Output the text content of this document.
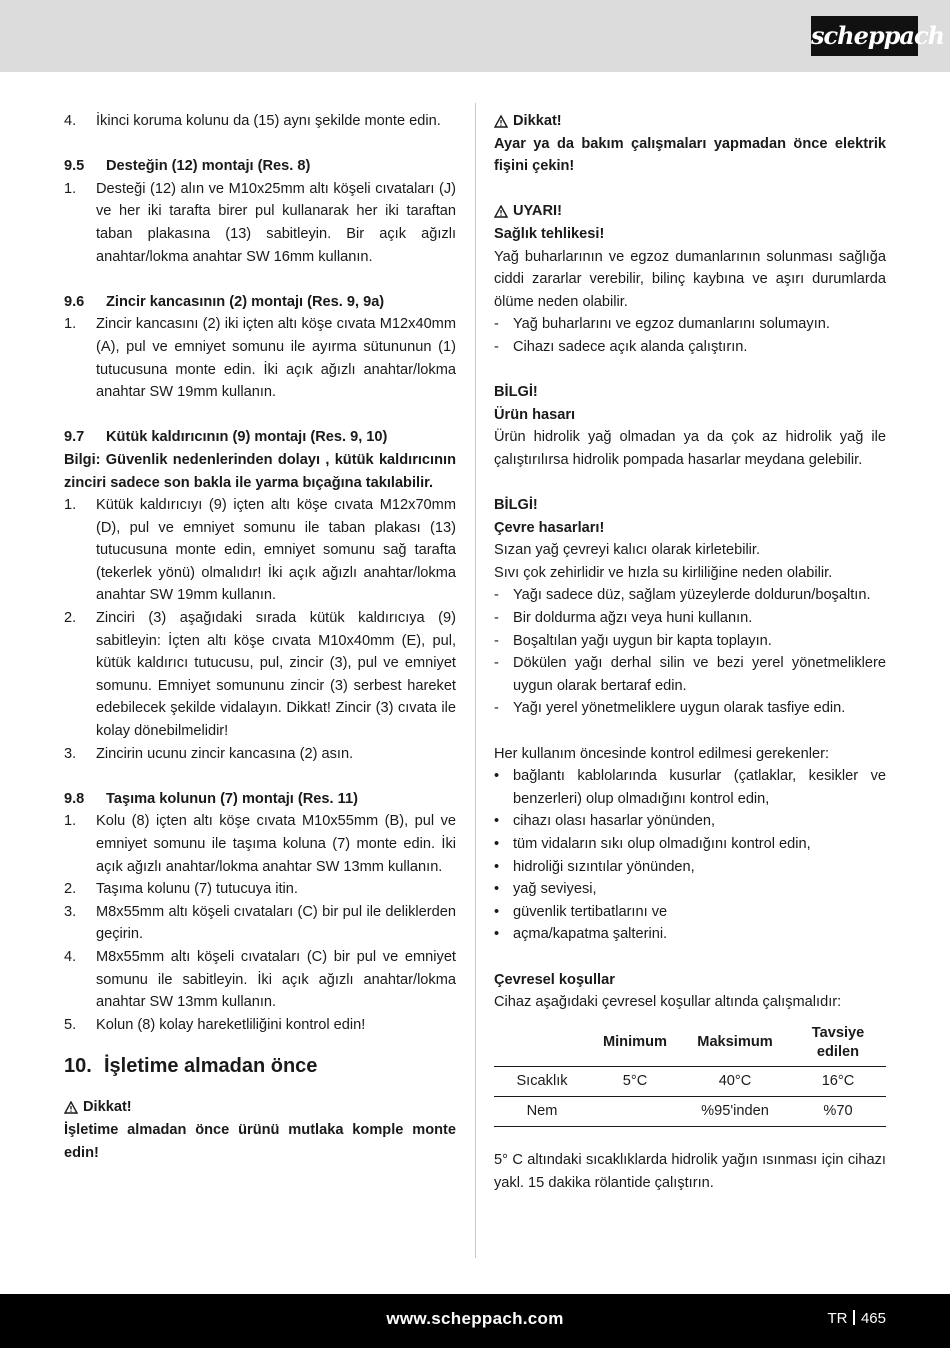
scheppach
4.	İkinci koruma kolunu da (15) aynı şekilde monte edin.
9.5	Desteğin (12) montajı (Res. 8)
1.	Desteği (12) alın ve M10x25mm altı köşeli cıvataları (J) ve her iki tarafta birer pul kullanarak her iki taraftan taban plakasına (13) sabitleyin. Bir açık ağızlı anahtar/lokma anahtar SW 16mm kullanın.
9.6	Zincir kancasının (2) montajı (Res. 9, 9a)
1.	Zincir kancasını (2) iki içten altı köşe cıvata M12x40mm (A), pul ve emniyet somunu ile ayırma sütununun (1) tutucusuna monte edin. İki açık ağızlı anahtar/lokma anahtar SW 19mm kullanın.
9.7	Kütük kaldırıcının (9) montajı (Res. 9, 10)

Bilgi: Güvenlik nedenlerinden dolayı , kütük kaldırıcının zinciri sadece son bakla ile yarma bıçağına takılabilir.

1.	Kütük kaldırıcıyı (9) içten altı köşe cıvata M12x70mm (D), pul ve emniyet somunu ile taban plakası (13) tutucusuna monte edin, emniyet somunu sağ tarafta (tekerlek yönü) olmalıdır! İki açık ağızlı anahtar/lokma anahtar SW 19mm kullanın.
2.	Zinciri (3) aşağıdaki sırada kütük kaldırıcıya (9) sabitleyin: İçten altı köşe cıvata M10x40mm (E), pul, kütük kaldırıcı tutucusu, pul, zincir (3), pul ve emniyet somunu. Emniyet somununu zincir (3) serbest hareket edebilecek şekilde vidalayın. Dikkat! Zincir (3) cıvata ile kolay dönebilmelidir!
3.	Zincirin ucunu zincir kancasına (2) asın.
9.8	Taşıma kolunun (7) montajı (Res. 11)
1.	Kolu (8) içten altı köşe cıvata M10x55mm (B), pul ve emniyet somunu ile taşıma koluna (7) monte edin. İki açık ağızlı anahtar/lokma anahtar SW 13mm kullanın.
2.	Taşıma kolunu (7) tutucuya itin.
3.	M8x55mm altı köşeli cıvataları (C) bir pul ile deliklerden geçirin.
4.	M8x55mm altı köşeli cıvataları (C) bir pul ve emniyet somunu ile sabitleyin. İki açık ağızlı anahtar/lokma anahtar SW 13mm kullanın.
5.	Kolun (8) kolay hareketliliğini kontrol edin!
10. İşletime almadan önce
Dikkat!

İşletime almadan önce ürünü mutlaka komple monte edin!

Dikkat!

Ayar ya da bakım çalışmaları yapmadan önce elektrik fişini çekin!

UYARI!

Sağlık tehlikesi!

Yağ buharlarının ve egzoz dumanlarının solunması sağlığa ciddi zararlar verebilir, bilinç kaybına ve aşırı durumlarda ölüme neden olabilir.

- Yağ buharlarını ve egzoz dumanlarını solumayın.
- Cihazı sadece açık alanda çalıştırın.

BİLGİ!

Ürün hasarı

Ürün hidrolik yağ olmadan ya da çok az hidrolik yağ ile çalıştırılırsa hidrolik pompada hasarlar meydana gelebilir.

BİLGİ!

Çevre hasarları!

Sızan yağ çevreyi kalıcı olarak kirletebilir.

Sıvı çok zehirlidir ve hızla su kirliliğine neden olabilir.

- Yağı sadece düz, sağlam yüzeylerde doldurun/boşaltın.
- Bir doldurma ağzı veya huni kullanın.
- Boşaltılan yağı uygun bir kapta toplayın.
- Dökülen yağı derhal silin ve bezi yerel yönetmeliklere uygun olarak bertaraf edin.
- Yağı yerel yönetmeliklere uygun olarak tasfiye edin.

Her kullanım öncesinde kontrol edilmesi gerekenler:

• bağlantı kablolarında kusurlar (çatlaklar, kesikler ve benzerleri) olup olmadığını kontrol edin,
• cihazı olası hasarlar yönünden,
• tüm vidaların sıkı olup olmadığını kontrol edin,
• hidroliği sızıntılar yönünden,
• yağ seviyesi,
• güvenlik tertibatlarını ve
• açma/kapatma şalterini.

Çevresel koşullar

Cihaz aşağıdaki çevresel koşullar altında çalışmalıdır:

	Minimum	Maksimum	Tavsiye edilen
Sıcaklık	5°C	40°C	16°C
Nem		%95'inden	%70

5° C altındaki sıcaklıklarda hidrolik yağın ısınması için cihazı yakl. 15 dakika rölantide çalıştırın.

www.scheppach.com	TR 465
